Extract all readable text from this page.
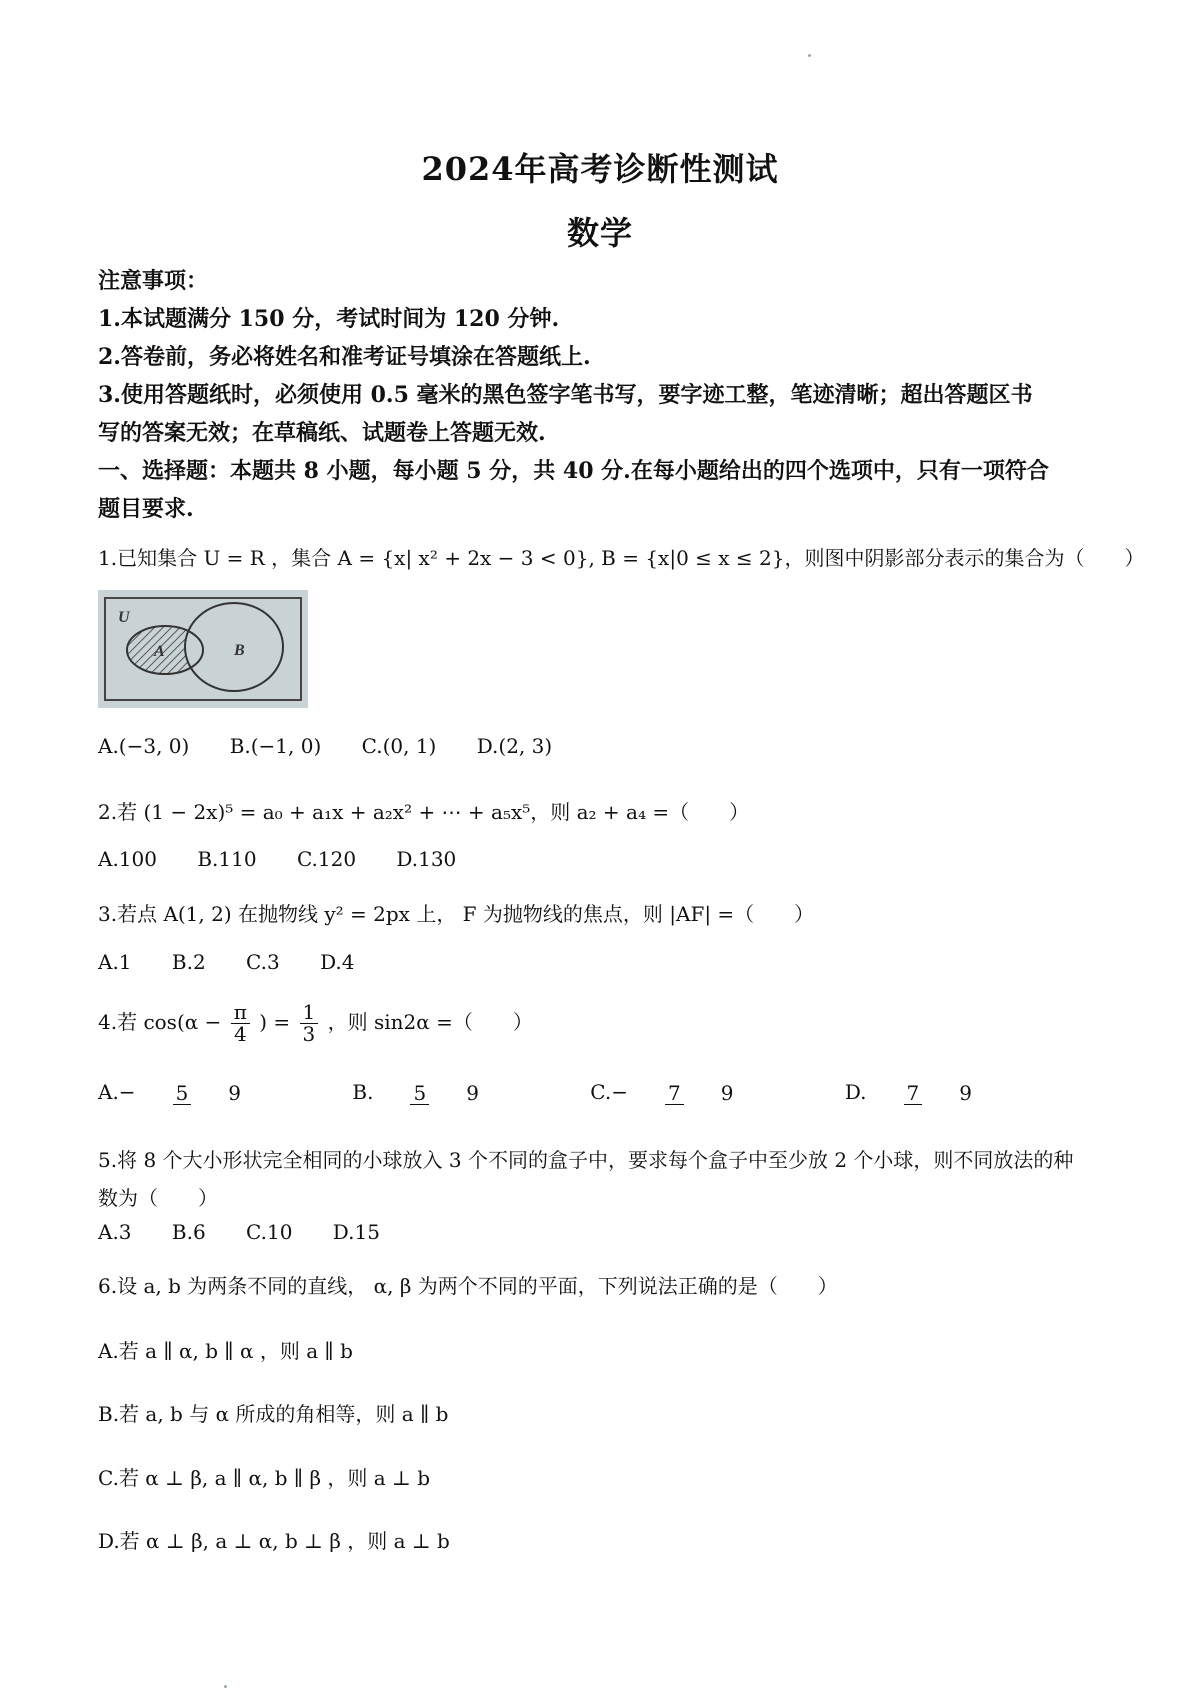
2024年高考诊断性测试
数学
注意事项：
1.本试题满分 150 分，考试时间为 120 分钟.
2.答卷前，务必将姓名和准考证号填涂在答题纸上.
3.使用答题纸时，必须使用 0.5 毫米的黑色签字笔书写，要字迹工整，笔迹清晰；超出答题区书
写的答案无效；在草稿纸、试题卷上答题无效.
一、选择题：本题共 8 小题，每小题 5 分，共 40 分.在每小题给出的四个选项中，只有一项符合
题目要求.
1.已知集合 U = R ，集合 A = {x| x² + 2x − 3 < 0}, B = {x|0 ≤ x ≤ 2}，则图中阴影部分表示的集合为（　　）
U
A	B
A.(−3, 0) B.(−1, 0) C.(0, 1) D.(2, 3)
2.若 (1 − 2x)⁵ = a₀ + a₁x + a₂x² + ⋯ + a₅x⁵，则 a₂ + a₄ =（　　）
A.100 B.110 C.120 D.130
3.若点 A(1, 2) 在抛物线 y² = 2px 上， F 为抛物线的焦点，则 |AF| =（　　）
A.1 B.2 C.3 D.4
4.若 $\cos(\alpha - \frac{\pi}{4}$ ) = $\frac{1}{3}$ ，则 sin2α =（　　）
A.− 5 9	B. 5 9	C.− 7 9	D. 7 9
5.将 8 个大小形状完全相同的小球放入 3 个不同的盒子中，要求每个盒子中至少放 2 个小球，则不同放法的种
数为（　　）
A.3 B.6 C.10 D.15
6.设 a, b 为两条不同的直线， α, β 为两个不同的平面，下列说法正确的是（　　）
A.若 a ∥ α, b ∥ α ，则 a ∥ b
B.若 a, b 与 α 所成的角相等，则 a ∥ b
C.若 α ⊥ β, a ∥ α, b ∥ β ，则 a ⊥ b
D.若 α ⊥ β, a ⊥ α, b ⊥ β ，则 a ⊥ b
